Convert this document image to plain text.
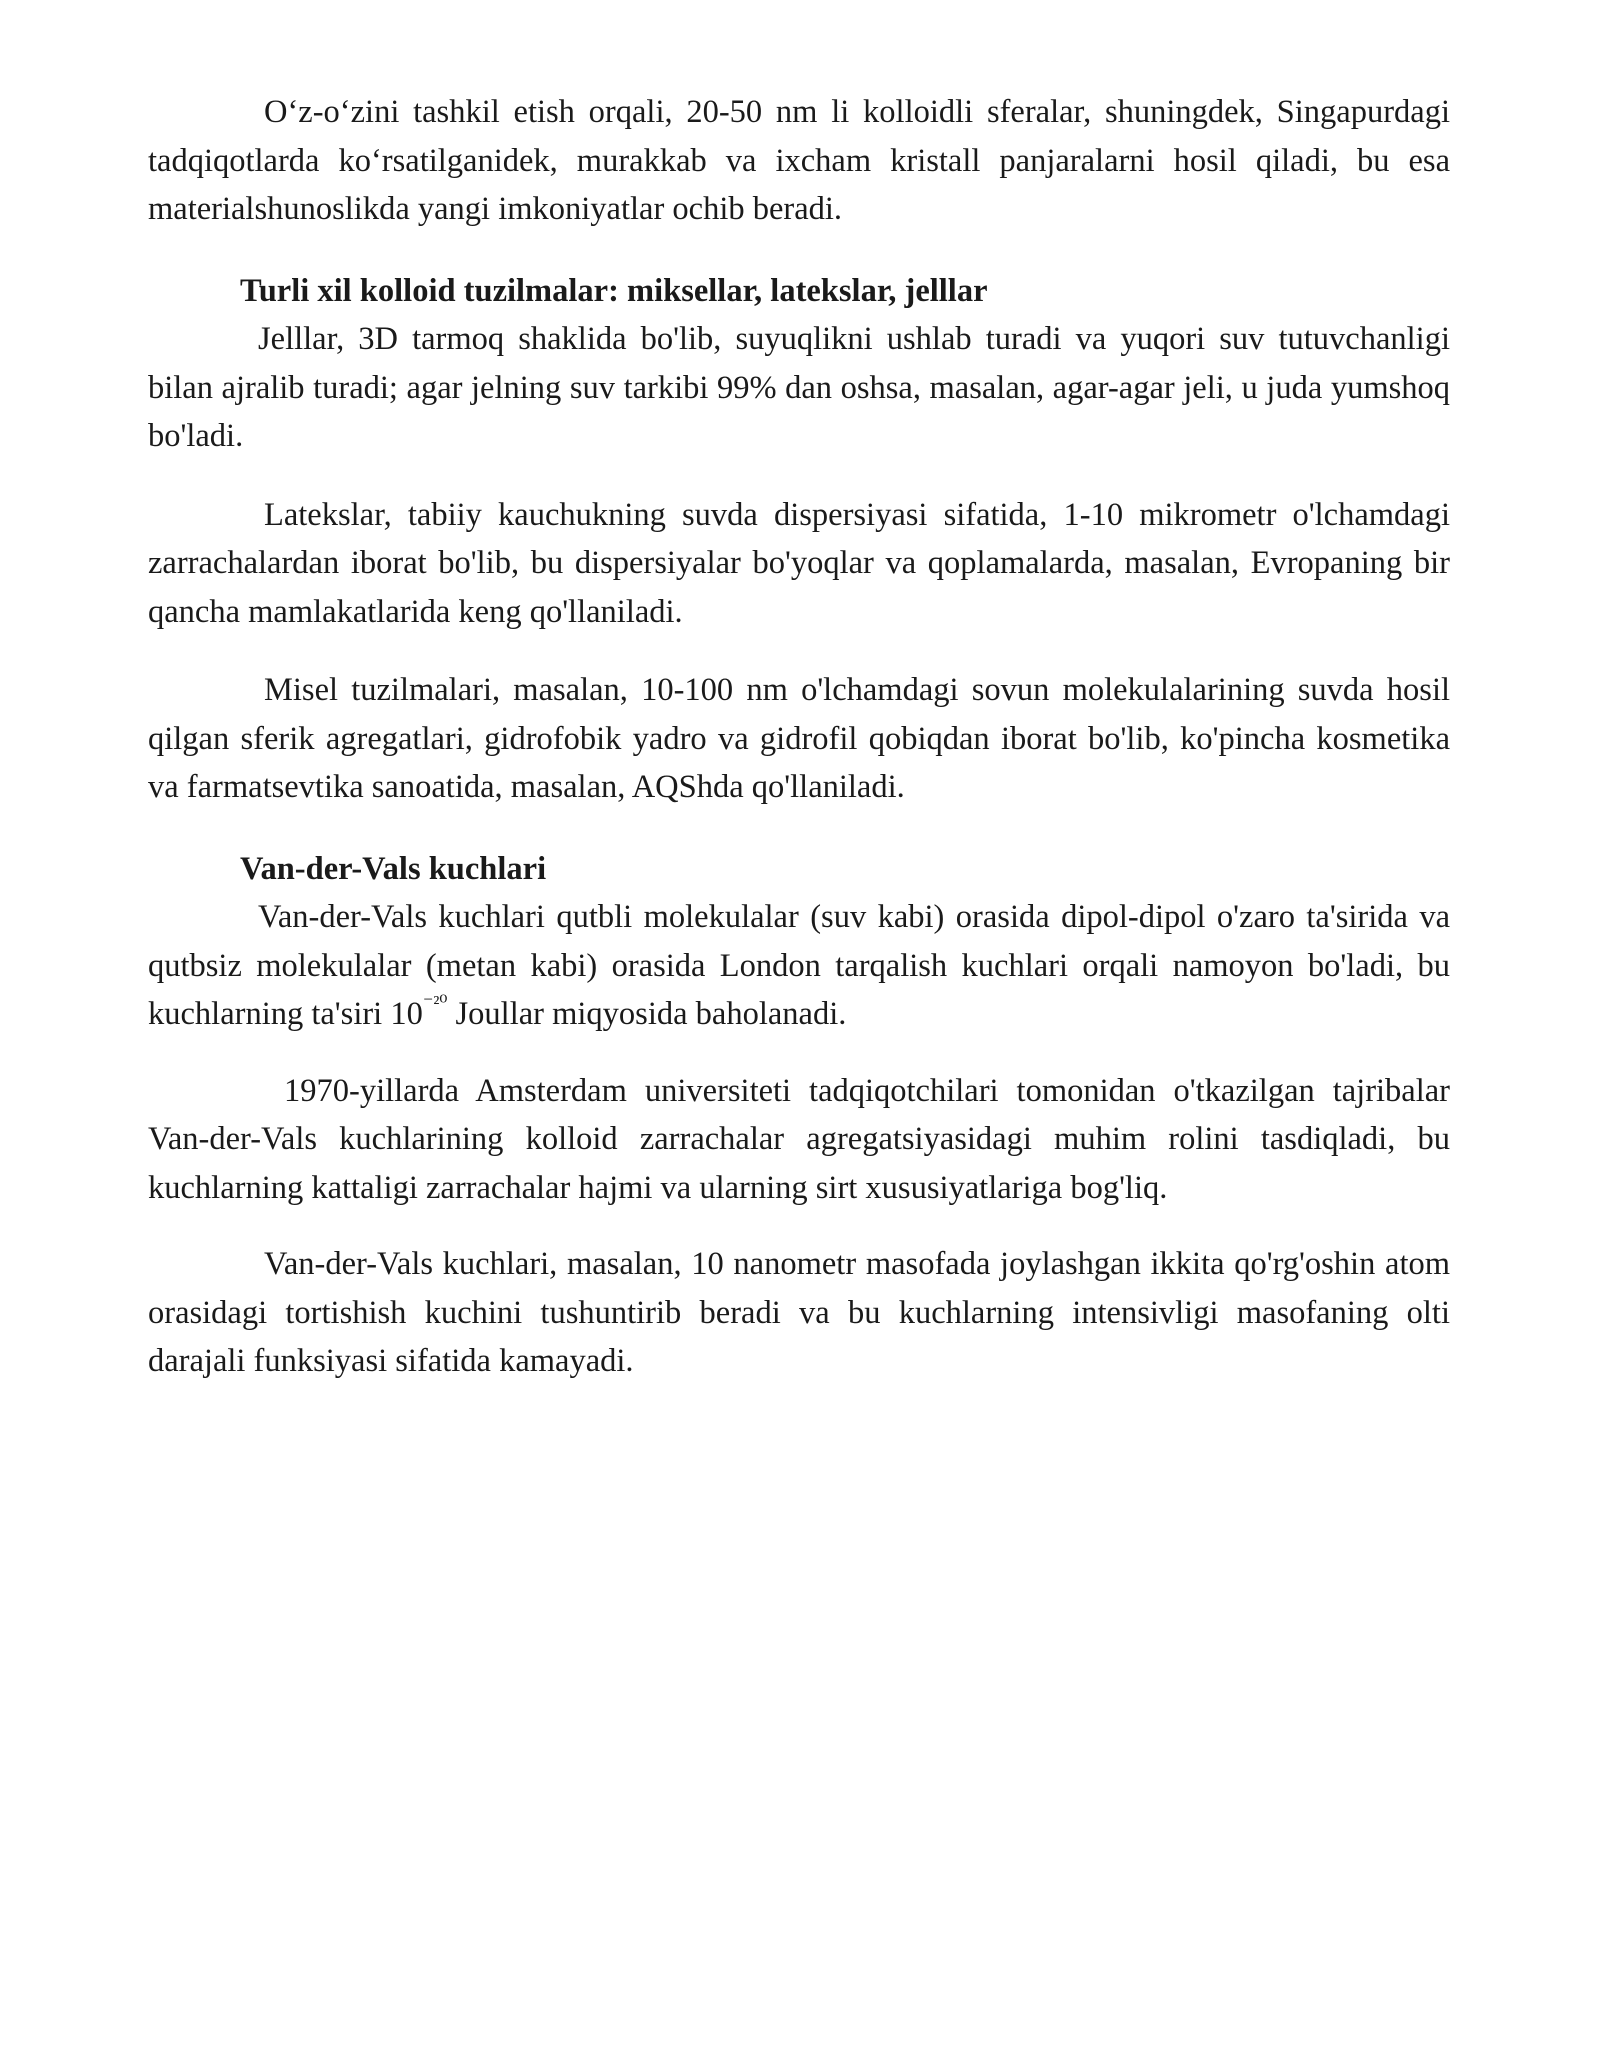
O‘z-o‘zini tashkil etish orqali, 20-50 nm li kolloidli sferalar, shuningdek, Singapurdagi tadqiqotlarda ko‘rsatilganidek, murakkab va ixcham kristall panjaralarni hosil qiladi, bu esa materialshunoslikda yangi imkoniyatlar ochib beradi.

Turli xil kolloid tuzilmalar: miksellar, latekslar, jelllar

Jelllar, 3D tarmoq shaklida bo'lib, suyuqlikni ushlab turadi va yuqori suv tutuvchanligi bilan ajralib turadi; agar jelning suv tarkibi 99% dan oshsa, masalan, agar-agar jeli, u juda yumshoq bo'ladi.

Latekslar, tabiiy kauchukning suvda dispersiyasi sifatida, 1-10 mikrometr o'lchamdagi zarrachalardan iborat bo'lib, bu dispersiyalar bo'yoqlar va qoplamalarda, masalan, Evropaning bir qancha mamlakatlarida keng qo'llaniladi.

Misel tuzilmalari, masalan, 10-100 nm o'lchamdagi sovun molekulalarining suvda hosil qilgan sferik agregatlari, gidrofobik yadro va gidrofil qobiqdan iborat bo'lib, ko'pincha kosmetika va farmatsevtika sanoatida, masalan, AQShda qo'llaniladi.

Van-der-Vals kuchlari

Van-der-Vals kuchlari qutbli molekulalar (suv kabi) orasida dipol-dipol o'zaro ta'sirida va qutbsiz molekulalar (metan kabi) orasida London tarqalish kuchlari orqali namoyon bo'ladi, bu kuchlarning ta'siri $10^{^{-20}}$ Joullar miqyosida baholanadi.

1970-yillarda Amsterdam universiteti tadqiqotchilari tomonidan o'tkazilgan tajribalar Van-der-Vals kuchlarining kolloid zarrachalar agregatsiyasidagi muhim rolini tasdiqladi, bu kuchlarning kattaligi zarrachalar hajmi va ularning sirt xususiyatlariga bog'liq.

Van-der-Vals kuchlari, masalan, 10 nanometr masofada joylashgan ikkita qo'rg'oshin atom orasidagi tortishish kuchini tushuntirib beradi va bu kuchlarning intensivligi masofaning olti darajali funksiyasi sifatida kamayadi.
